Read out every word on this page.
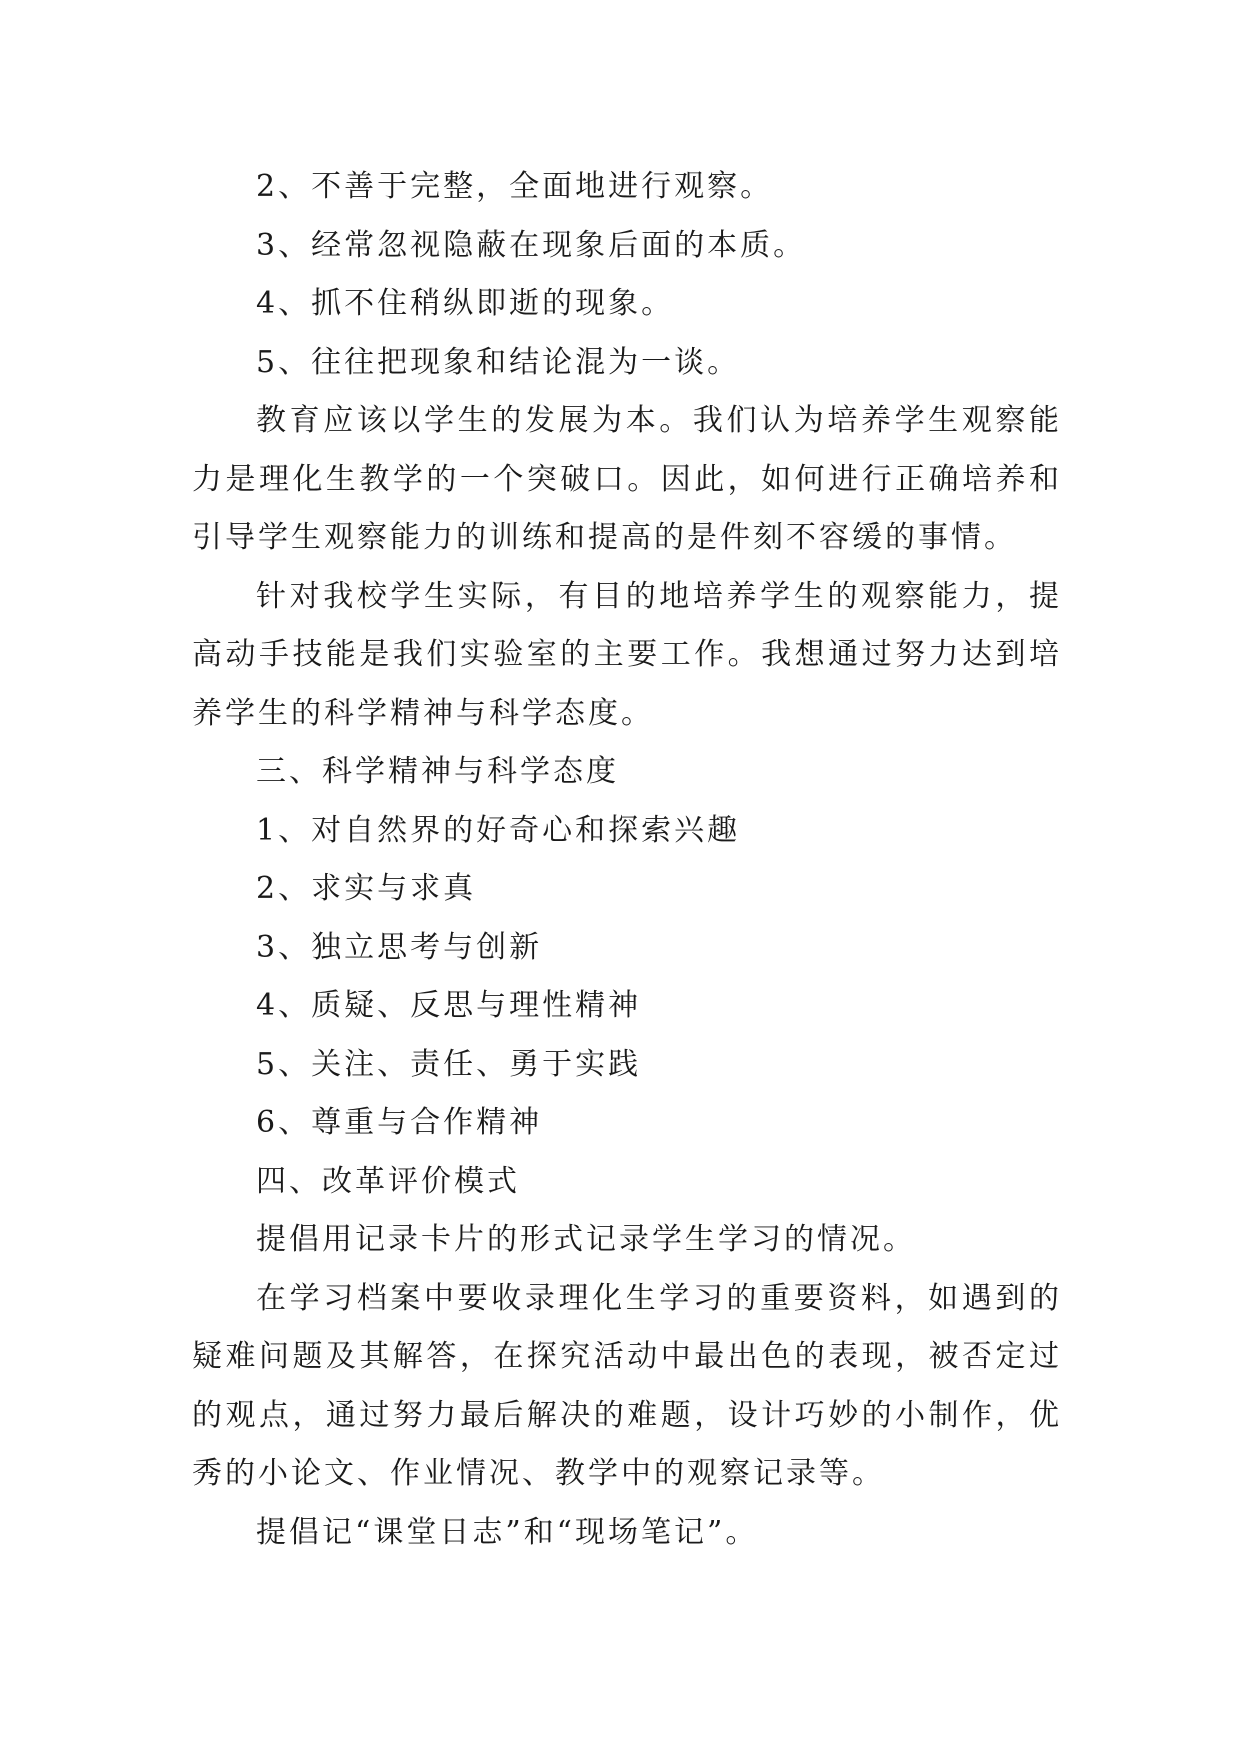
2、不善于完整，全面地进行观察。

3、经常忽视隐蔽在现象后面的本质。

4、抓不住稍纵即逝的现象。

5、往往把现象和结论混为一谈。

教育应该以学生的发展为本。我们认为培养学生观察能力是理化生教学的一个突破口。因此，如何进行正确培养和引导学生观察能力的训练和提高的是件刻不容缓的事情。

针对我校学生实际，有目的地培养学生的观察能力，提高动手技能是我们实验室的主要工作。我想通过努力达到培养学生的科学精神与科学态度。

三、科学精神与科学态度

1、对自然界的好奇心和探索兴趣

2、求实与求真

3、独立思考与创新

4、质疑、反思与理性精神

5、关注、责任、勇于实践

6、尊重与合作精神

四、改革评价模式

提倡用记录卡片的形式记录学生学习的情况。

在学习档案中要收录理化生学习的重要资料，如遇到的疑难问题及其解答，在探究活动中最出色的表现，被否定过的观点，通过努力最后解决的难题，设计巧妙的小制作，优秀的小论文、作业情况、教学中的观察记录等。

提倡记“课堂日志”和“现场笔记”。
